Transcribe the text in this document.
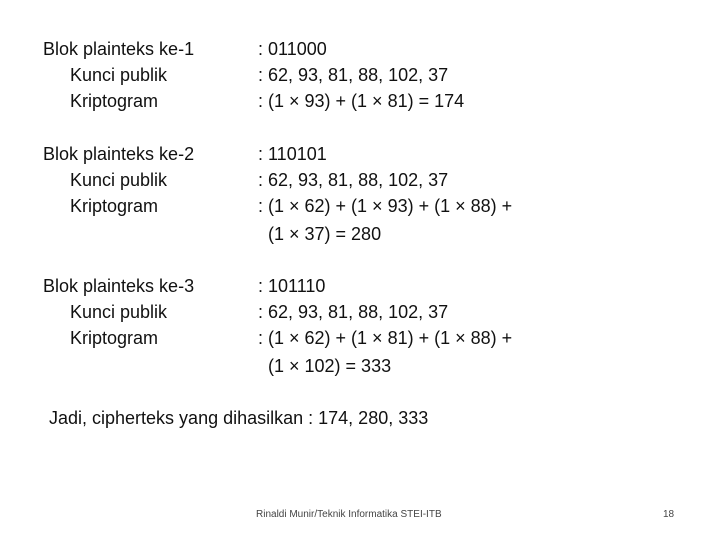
Blok plainteks ke-1
Kunci publik
Kriptogram
: 011000
: 62, 93, 81, 88, 102, 37
: (1 × 93) + (1 × 81) = 174
Blok plainteks ke-2
Kunci publik
Kriptogram
: 110101
: 62, 93, 81, 88, 102, 37
: (1 × 62) + (1 × 93) + (1 × 88) +
(1 × 37) = 280
Blok plainteks ke-3
Kunci publik
Kriptogram
: 101110
: 62, 93, 81, 88, 102, 37
: (1 × 62) + (1 × 81) + (1 × 88) +
(1 × 102) = 333
Jadi, cipherteks yang dihasilkan : 174, 280, 333
Rinaldi Munir/Teknik Informatika STEI-ITB	18
